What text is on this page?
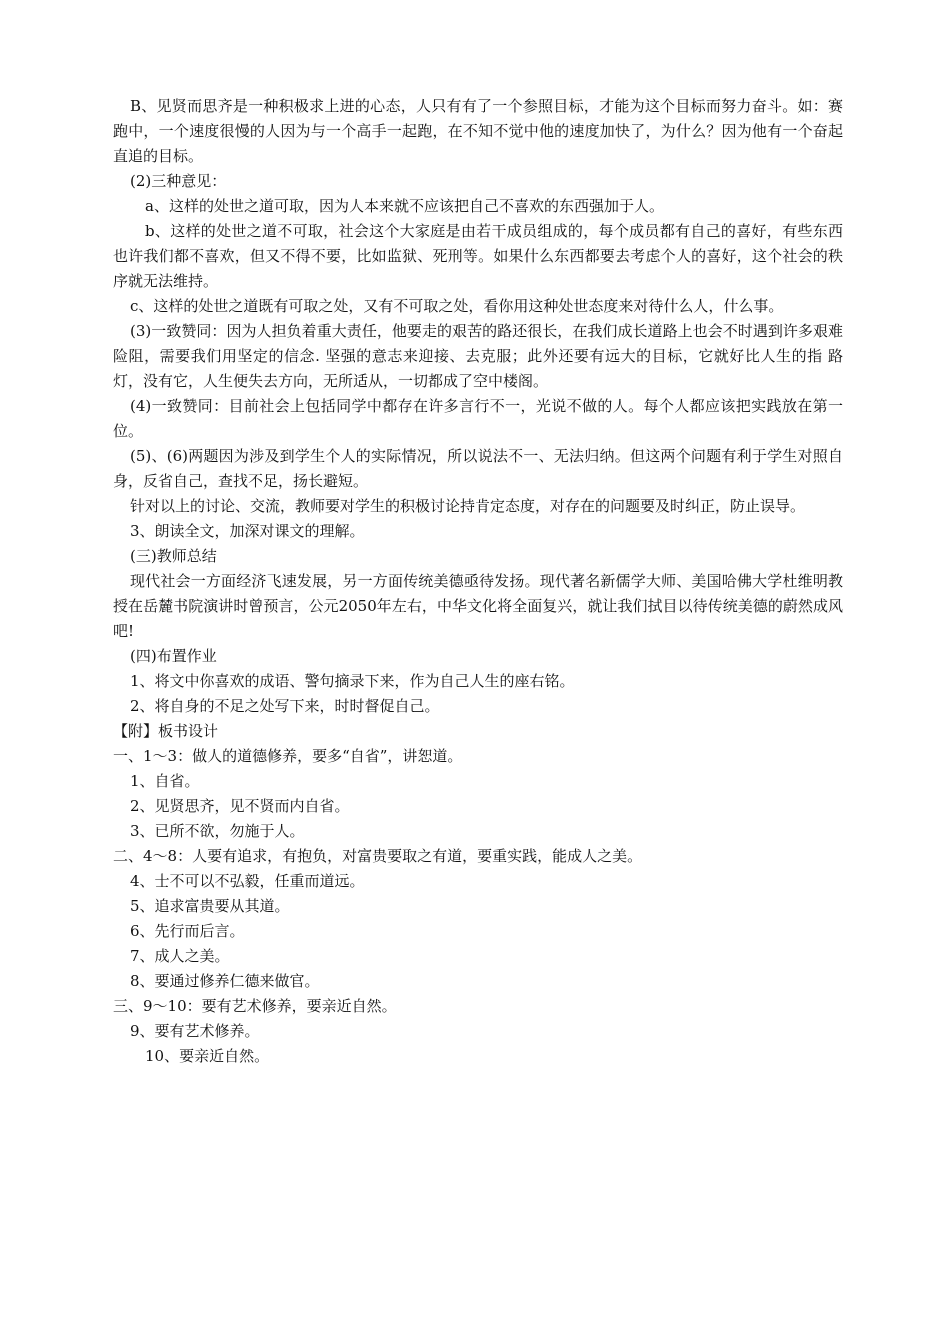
B、见贤而思齐是一种积极求上进的心态，人只有有了一个参照目标，才能为这个目标而努力奋斗。如：赛跑中，一个速度很慢的人因为与一个高手一起跑，在不知不觉中他的速度加快了，为什么？因为他有一个奋起直追的目标。

(2)三种意见：

a、这样的处世之道可取，因为人本来就不应该把自己不喜欢的东西强加于人。

b、这样的处世之道不可取，社会这个大家庭是由若干成员组成的，每个成员都有自己的喜好，有些东西也许我们都不喜欢，但又不得不要，比如监狱、死刑等。如果什么东西都要去考虑个人的喜好，这个社会的秩序就无法维持。

c、这样的处世之道既有可取之处，又有不可取之处，看你用这种处世态度来对待什么人，什么事。

(3)一致赞同：因为人担负着重大责任，他要走的艰苦的路还很长，在我们成长道路上也会不时遇到许多艰难险阻，需要我们用坚定的信念. 坚强的意志来迎接、去克服；此外还要有远大的目标，它就好比人生的指 路灯，没有它，人生便失去方向，无所适从，一切都成了空中楼阁。

(4)一致赞同：目前社会上包括同学中都存在许多言行不一，光说不做的人。每个人都应该把实践放在第一位。

(5)、(6)两题因为涉及到学生个人的实际情况，所以说法不一、无法归纳。但这两个问题有利于学生对照自身，反省自己，查找不足，扬长避短。

针对以上的讨论、交流，教师要对学生的积极讨论持肯定态度，对存在的问题要及时纠正，防止误导。

3、朗读全文，加深对课文的理解。

(三)教师总结

现代社会一方面经济飞速发展，另一方面传统美德亟待发扬。现代著名新儒学大师、美国哈佛大学杜维明教授在岳麓书院演讲时曾预言，公元2050年左右，中华文化将全面复兴，就让我们拭目以待传统美德的蔚然成风吧!

(四)布置作业

1、将文中你喜欢的成语、警句摘录下来，作为自己人生的座右铭。

2、将自身的不足之处写下来，时时督促自己。

【附】板书设计

一、1～3：做人的道德修养，要多“自省”，讲恕道。

1、自省。

2、见贤思齐，见不贤而内自省。

3、已所不欲，勿施于人。

二、4～8：人要有追求，有抱负，对富贵要取之有道，要重实践，能成人之美。

4、士不可以不弘毅，任重而道远。

5、追求富贵要从其道。

6、先行而后言。

7、成人之美。

8、要通过修养仁德来做官。

三、9～10：要有艺术修养，要亲近自然。

9、要有艺术修养。

10、要亲近自然。
